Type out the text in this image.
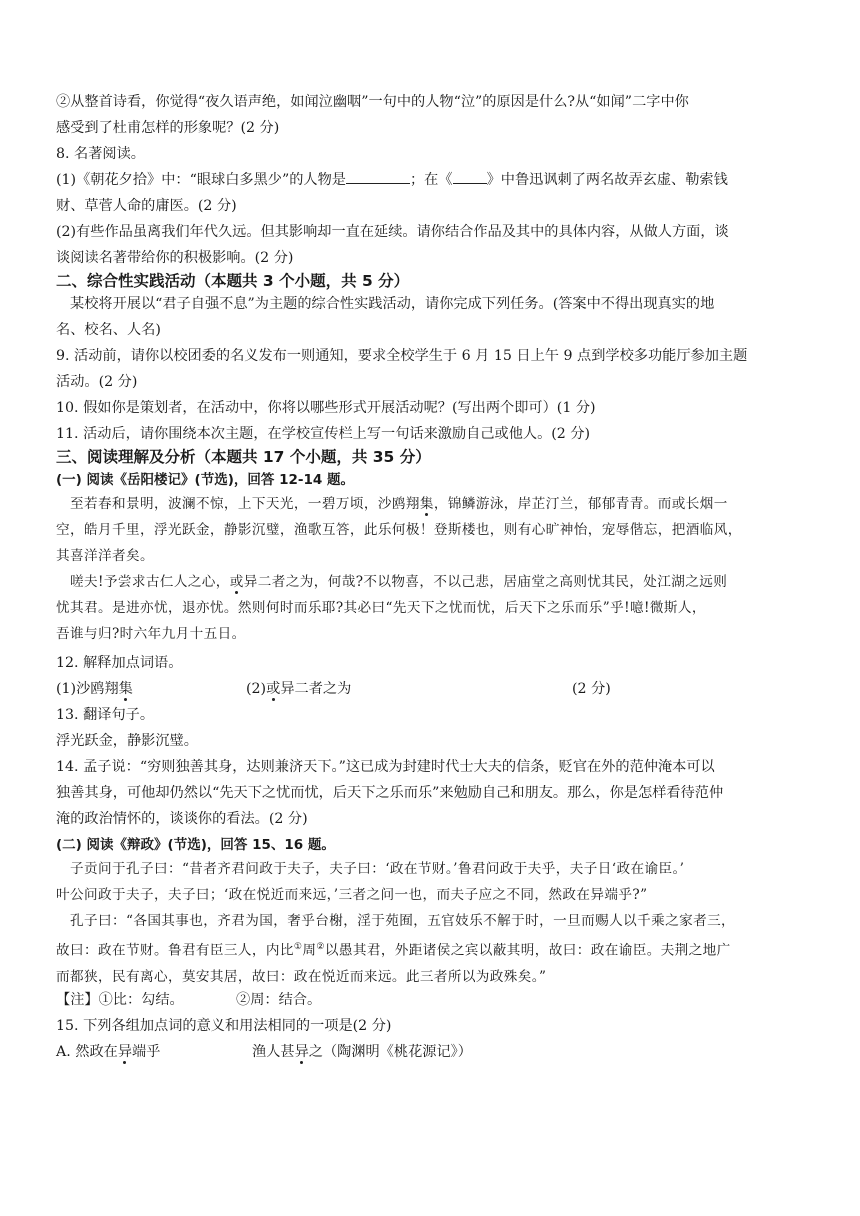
②从整首诗看，你觉得“夜久语声绝，如闻泣幽咽”一句中的人物“泣”的原因是什么?从“如闻”二字中你

感受到了杜甫怎样的形象呢？(2 分)

8. 名著阅读。

(1)《朝花夕拾》中：“眼球白多黑少”的人物是	；在《 》中鲁迅讽刺了两名故弄玄虚、勒索钱

财、草菅人命的庸医。(2 分)

(2)有些作品虽离我们年代久远。但其影响却一直在延续。请你结合作品及其中的具体内容，从做人方面，谈

谈阅读名著带给你的积极影响。(2 分)

二、综合性实践活动（本题共 3 个小题，共 5 分）

某校将开展以“君子自强不息”为主题的综合性实践活动，请你完成下列任务。(答案中不得出现真实的地

名、校名、人名)

9. 活动前，请你以校团委的名义发布一则通知，要求全校学生于 6 月 15 日上午 9 点到学校多功能厅参加主题

活动。(2 分)

10. 假如你是策划者，在活动中，你将以哪些形式开展活动呢？(写出两个即可）(1 分)

11. 活动后，请你围绕本次主题，在学校宣传栏上写一句话来激励自己或他人。(2 分)

三、阅读理解及分析（本题共 17 个小题，共 35 分）

(一) 阅读《岳阳楼记》(节选)，回答 12-14 题。

至若春和景明，波澜不惊，上下天光，一碧万顷，沙鸥翔集，锦鳞游泳，岸芷汀兰，郁郁青青。而或长烟一

空，皓月千里，浮光跃金，静影沉璧，渔歌互答，此乐何极！登斯楼也，则有心旷神怡，宠辱偕忘，把酒临风，

其喜洋洋者矣。

嗟夫!予尝求古仁人之心，或异二者之为，何哉?不以物喜，不以己悲，居庙堂之高则忧其民，处江湖之远则

忧其君。是进亦忧，退亦忧。然则何时而乐耶?其必曰“先天下之忧而忧，后天下之乐而乐”乎!噫!微斯人，

吾谁与归?时六年九月十五日。

12. 解释加点词语。

(1)沙鸥翔集	(2)或异二者之为	(2 分)

13. 翻译句子。

浮光跃金，静影沉璧。

14. 孟子说：“穷则独善其身，达则兼济天下。”这已成为封建时代士大夫的信条，贬官在外的范仲淹本可以

独善其身，可他却仍然以“先天下之忧而忧，后天下之乐而乐”来勉励自己和朋友。那么，你是怎样看待范仲

淹的政治情怀的，谈谈你的看法。(2 分)

(二) 阅读《辩政》(节选)，回答 15、16 题。

子贡问于孔子曰：“昔者齐君问政于夫子，夫子曰：‘政在节财。’鲁君问政于夫乎，夫子日‘政在谕臣。’

叶公问政于夫子，夫子曰；‘政在悦近而来远，’三者之问一也，而夫子应之不同，然政在异端乎?”

孔子曰：“各国其事也，齐君为国，奢乎台榭，淫于苑囿，五官妓乐不解于时，一旦而赐人以千乘之家者三，

故曰：政在节财。鲁君有臣三人，内比①周②以愚其君，外距诸侯之宾以蔽其明，故曰：政在谕臣。夫荆之地广

而都狭，民有离心，莫安其居，故曰：政在悦近而来远。此三者所以为政殊矣。”

【注】①比：勾结。	②周：结合。

15. 下列各组加点词的意义和用法相同的一项是(2 分)

A. 然政在异端乎	渔人甚异之（陶渊明《桃花源记》）
